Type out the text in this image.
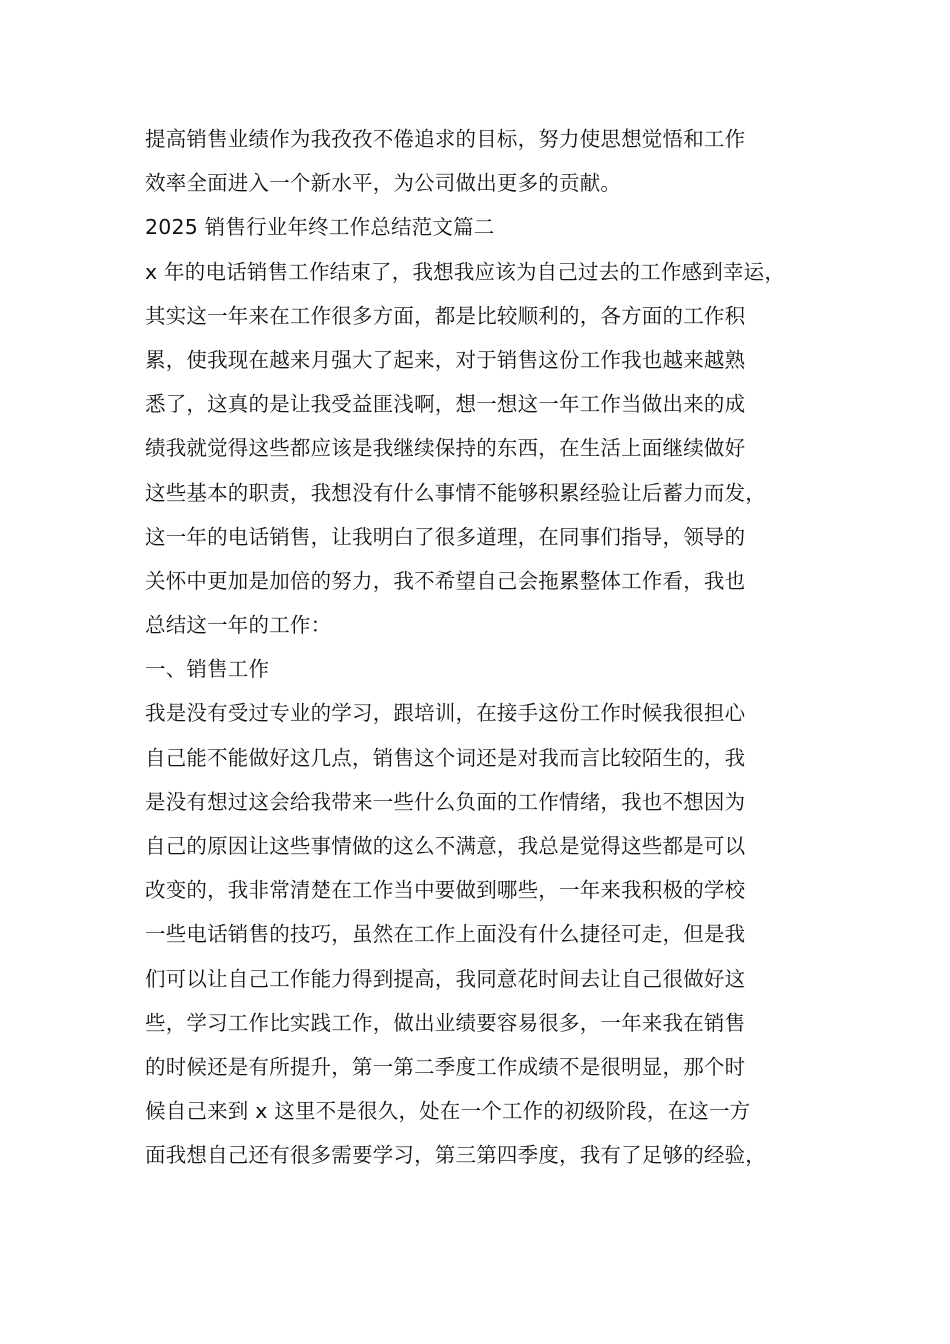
提高销售业绩作为我孜孜不倦追求的目标，努力使思想觉悟和工作
效率全面进入一个新水平，为公司做出更多的贡献。
2025 销售行业年终工作总结范文篇二
x 年的电话销售工作结束了，我想我应该为自己过去的工作感到幸运，
其实这一年来在工作很多方面，都是比较顺利的，各方面的工作积
累，使我现在越来月强大了起来，对于销售这份工作我也越来越熟
悉了，这真的是让我受益匪浅啊，想一想这一年工作当做出来的成
绩我就觉得这些都应该是我继续保持的东西，在生活上面继续做好
这些基本的职责，我想没有什么事情不能够积累经验让后蓄力而发，
这一年的电话销售，让我明白了很多道理，在同事们指导，领导的
关怀中更加是加倍的努力，我不希望自己会拖累整体工作看，我也
总结这一年的工作：
一、销售工作
我是没有受过专业的学习，跟培训，在接手这份工作时候我很担心
自己能不能做好这几点，销售这个词还是对我而言比较陌生的，我
是没有想过这会给我带来一些什么负面的工作情绪，我也不想因为
自己的原因让这些事情做的这么不满意，我总是觉得这些都是可以
改变的，我非常清楚在工作当中要做到哪些，一年来我积极的学校
一些电话销售的技巧，虽然在工作上面没有什么捷径可走，但是我
们可以让自己工作能力得到提高，我同意花时间去让自己很做好这
些，学习工作比实践工作，做出业绩要容易很多，一年来我在销售
的时候还是有所提升，第一第二季度工作成绩不是很明显，那个时
候自己来到 x 这里不是很久，处在一个工作的初级阶段，在这一方
面我想自己还有很多需要学习，第三第四季度，我有了足够的经验，
